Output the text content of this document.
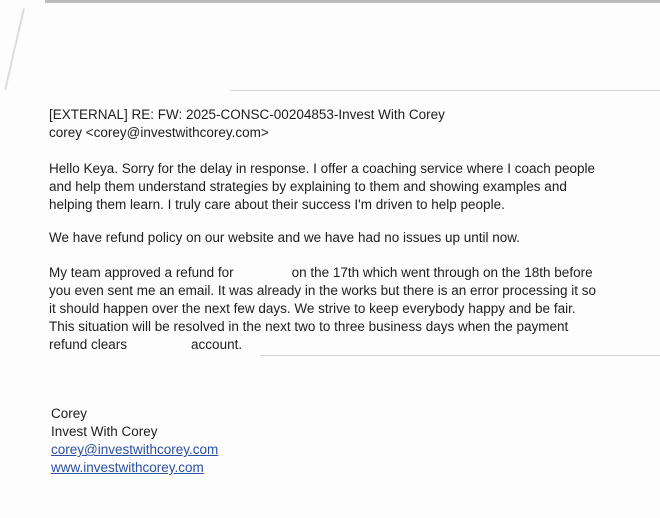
[EXTERNAL] RE: FW: 2025-CONSC-00204853-Invest With Corey
corey <corey@investwithcorey.com>
Hello Keya. Sorry for the delay in response. I offer a coaching service where I coach people
and help them understand strategies by explaining to them and showing examples and
helping them learn. I truly care about their success I'm driven to help people.
We have refund policy on our website and we have had no issues up until now.
My team approved a refund for	on the 17th which went through on the 18th before
you even sent me an email. It was already in the works but there is an error processing it so
it should happen over the next few days. We strive to keep everybody happy and be fair.
This situation will be resolved in the next two to three business days when the payment
refund clears	account.
Corey
Invest With Corey
corey@investwithcorey.com
www.investwithcorey.com
